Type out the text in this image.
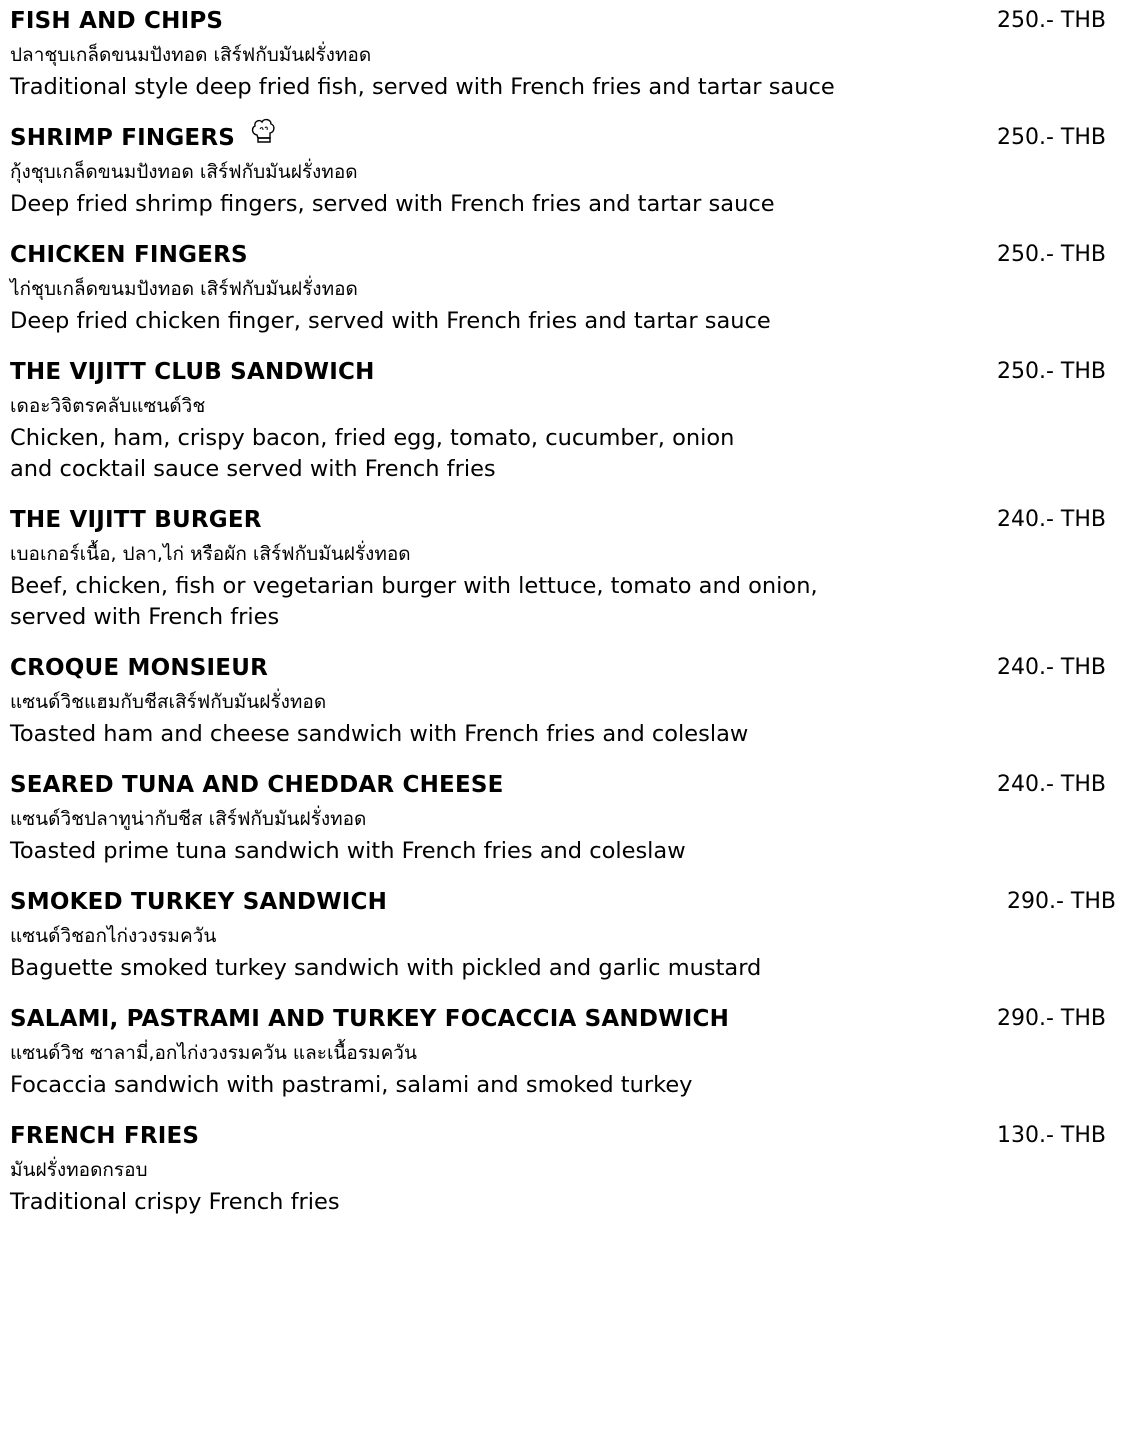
FISH AND CHIPS	250.- THB
ปลาชุบเกล็ดขนมปังทอด เสิร์ฟกับมันฝรั่งทอด
Traditional style deep fried fish, served with French fries and tartar sauce
SHRIMP FINGERS	250.- THB
กุ้งชุบเกล็ดขนมปังทอด เสิร์ฟกับมันฝรั่งทอด
Deep fried shrimp fingers, served with French fries and tartar sauce
CHICKEN FINGERS	250.- THB
ไก่ชุบเกล็ดขนมปังทอด เสิร์ฟกับมันฝรั่งทอด
Deep fried chicken finger, served with French fries and tartar sauce
THE VIJITT CLUB SANDWICH	250.- THB
เดอะวิจิตรคลับแซนด์วิช
Chicken, ham, crispy bacon, fried egg, tomato, cucumber, onion
and cocktail sauce served with French fries
THE VIJITT BURGER	240.- THB
เบอเกอร์เนื้อ, ปลา,ไก่ หรือผัก เสิร์ฟกับมันฝรั่งทอด
Beef, chicken, fish or vegetarian burger with lettuce, tomato and onion,
served with French fries
CROQUE MONSIEUR	240.- THB
แซนด์วิชแฮมกับชีสเสิร์ฟกับมันฝรั่งทอด
Toasted ham and cheese sandwich with French fries and coleslaw
SEARED TUNA AND CHEDDAR CHEESE	240.- THB
แซนด์วิชปลาทูน่ากับชีส เสิร์ฟกับมันฝรั่งทอด
Toasted prime tuna sandwich with French fries and coleslaw
SMOKED TURKEY SANDWICH	290.- THB
แซนด์วิชอกไก่งวงรมควัน
Baguette smoked turkey sandwich with pickled and garlic mustard
SALAMI, PASTRAMI AND TURKEY FOCACCIA SANDWICH	290.- THB
แซนด์วิช ซาลามี่,อกไก่งวงรมควัน และเนื้อรมควัน
Focaccia sandwich with pastrami, salami and smoked turkey
FRENCH FRIES	130.- THB
มันฝรั่งทอดกรอบ
Traditional crispy French fries
